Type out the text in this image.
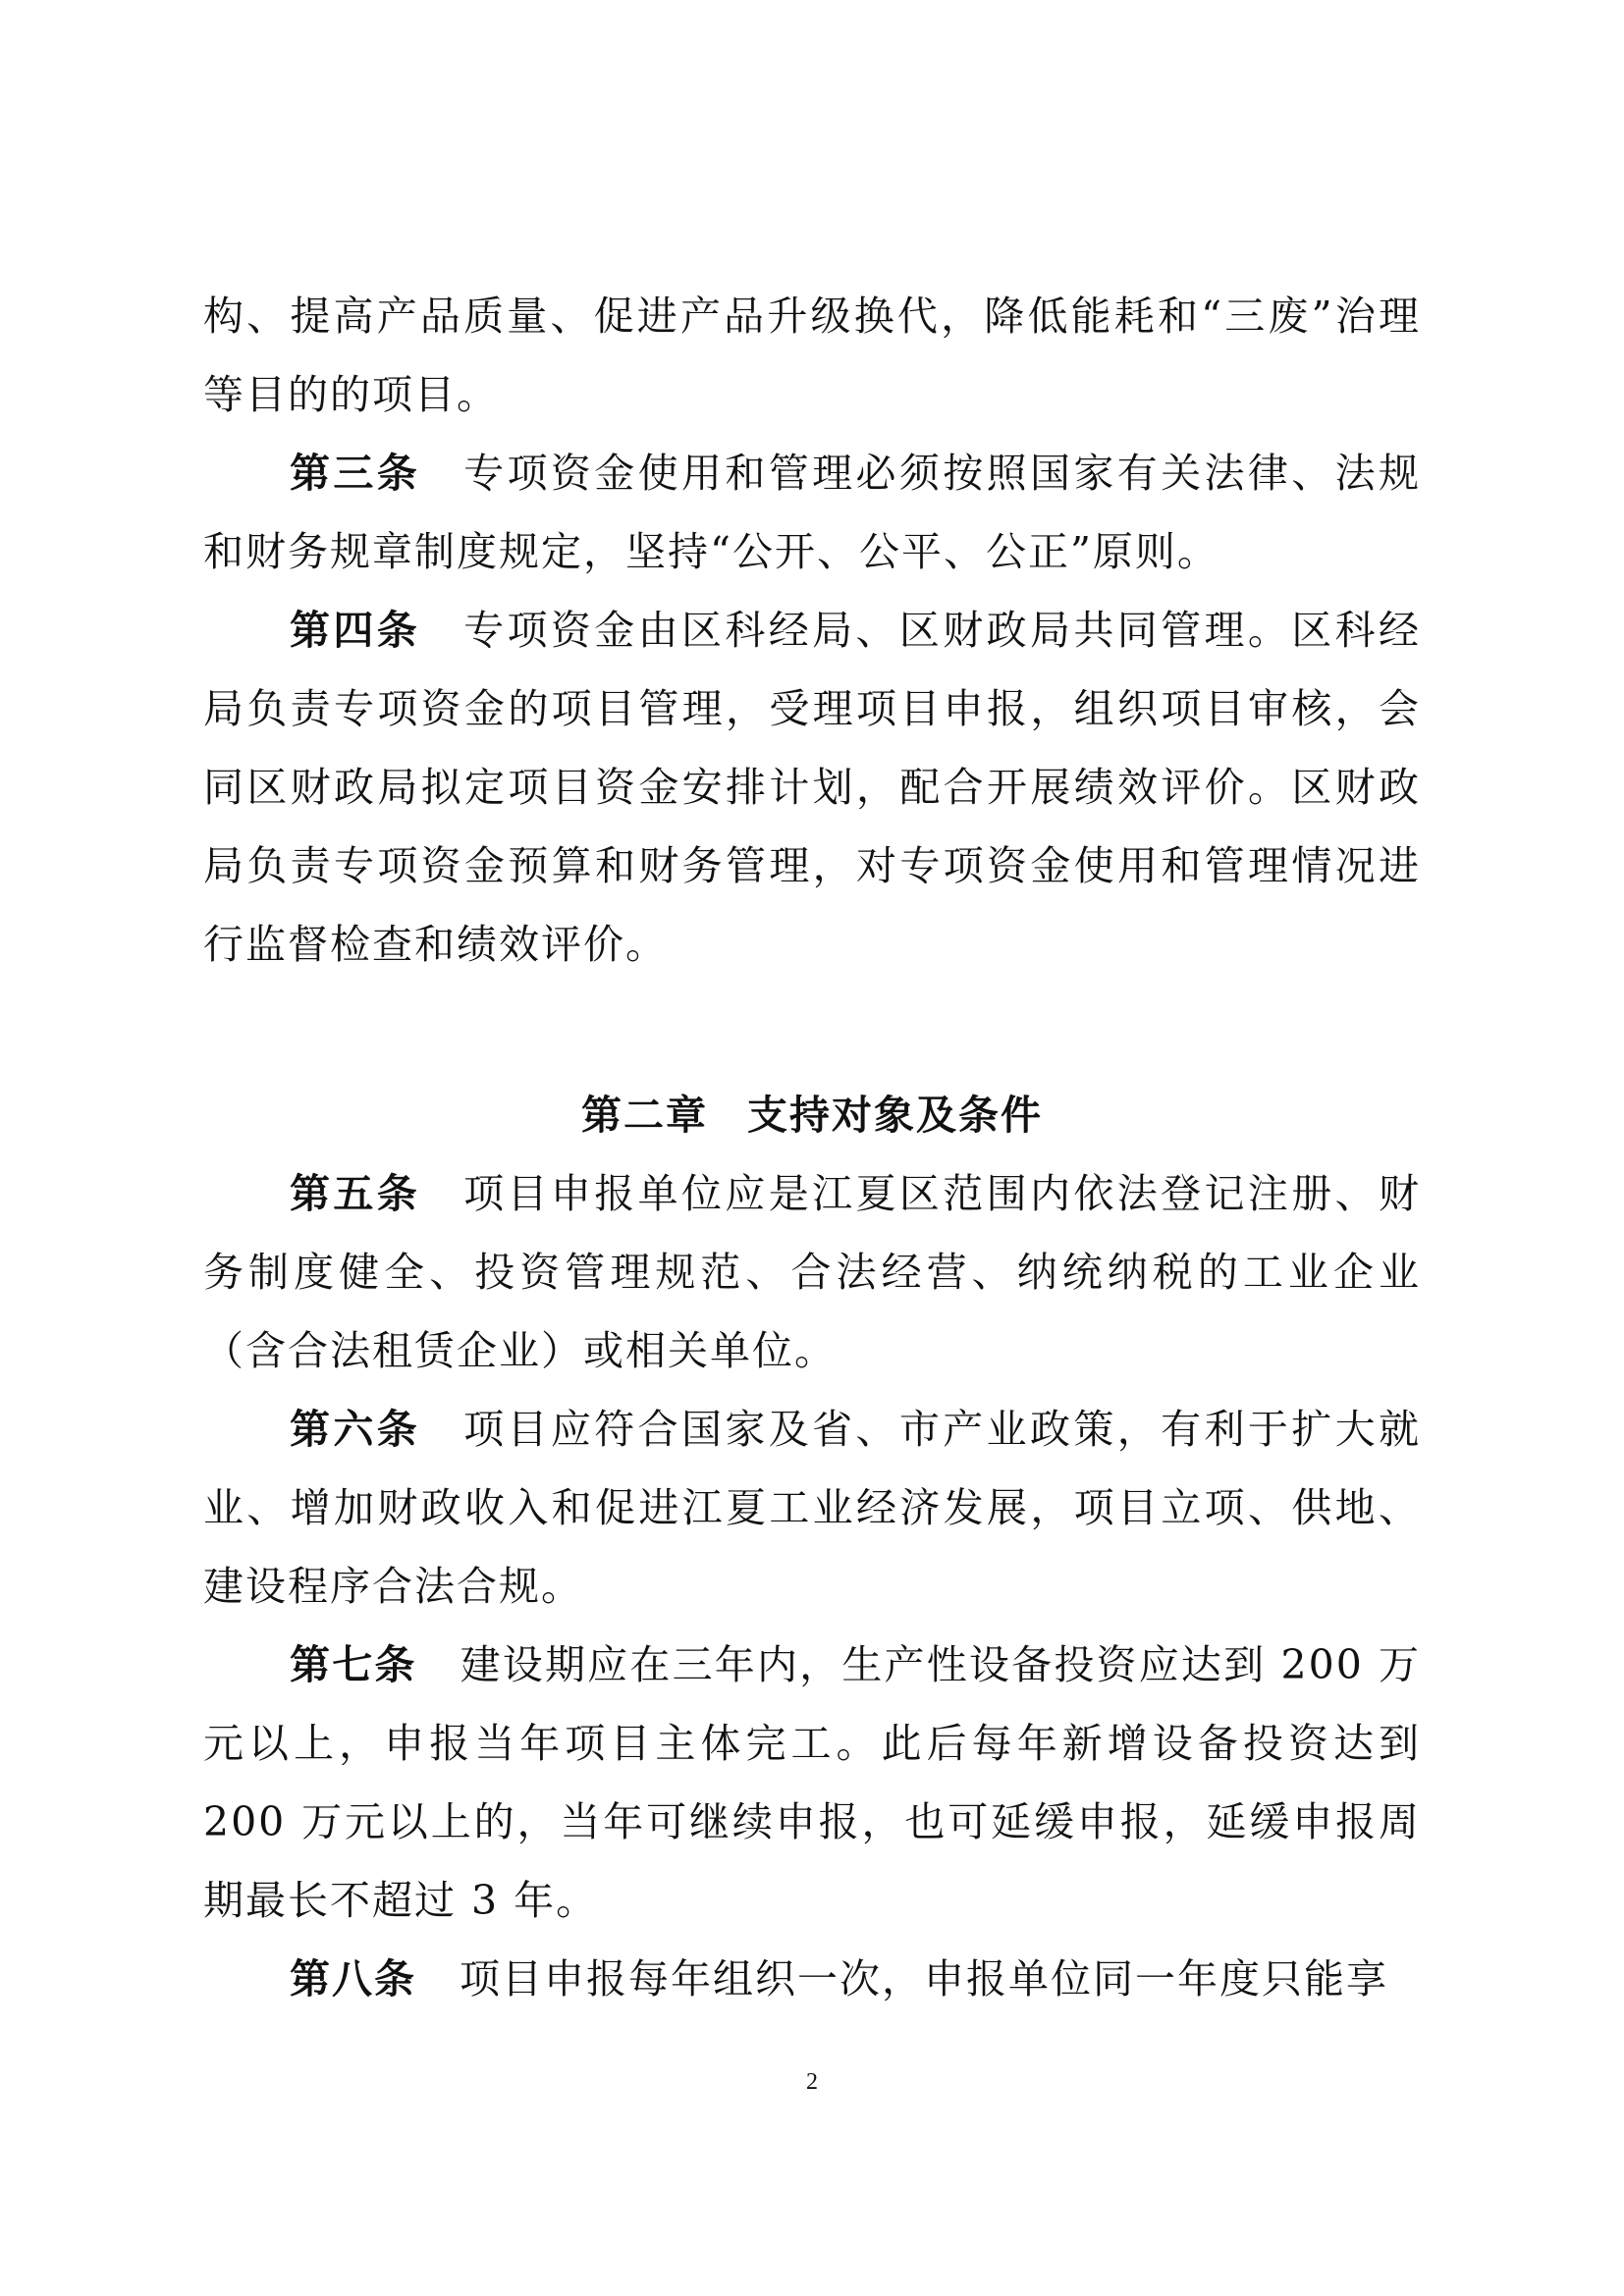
构、提高产品质量、促进产品升级换代，降低能耗和“三废”治理等目的的项目。

第三条 专项资金使用和管理必须按照国家有关法律、法规和财务规章制度规定，坚持“公开、公平、公正”原则。

第四条 专项资金由区科经局、区财政局共同管理。区科经局负责专项资金的项目管理，受理项目申报，组织项目审核，会同区财政局拟定项目资金安排计划，配合开展绩效评价。区财政局负责专项资金预算和财务管理，对专项资金使用和管理情况进行监督检查和绩效评价。

第二章 支持对象及条件

第五条 项目申报单位应是江夏区范围内依法登记注册、财务制度健全、投资管理规范、合法经营、纳统纳税的工业企业（含合法租赁企业）或相关单位。

第六条 项目应符合国家及省、市产业政策，有利于扩大就业、增加财政收入和促进江夏工业经济发展，项目立项、供地、建设程序合法合规。

第七条 建设期应在三年内，生产性设备投资应达到 200 万元以上，申报当年项目主体完工。此后每年新增设备投资达到 200 万元以上的，当年可继续申报，也可延缓申报，延缓申报周期最长不超过 3 年。

第八条 项目申报每年组织一次，申报单位同一年度只能享

2
